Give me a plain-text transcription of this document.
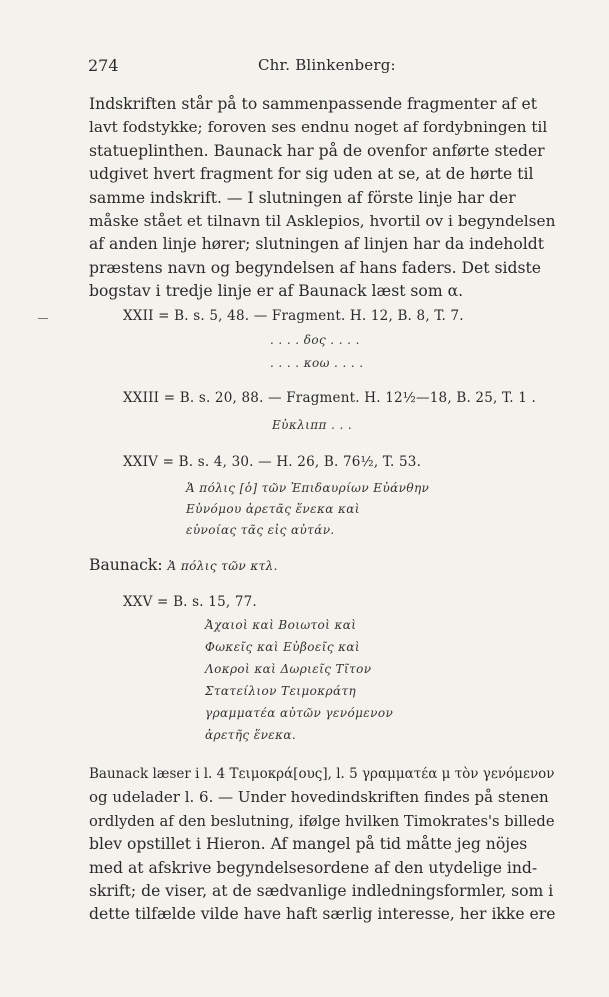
274	Chr. Blinkenberg:
Indskriften står på to sammenpassende fragmenter af et
lavt fodstykke; foroven ses endnu noget af fordybningen til
statueplinthen. Baunack har på de ovenfor anførte steder
udgivet hvert fragment for sig uden at se, at de hørte til
samme indskrift. — I slutningen af förste linje har der
måske stået et tilnavn til Asklepios, hvortil ov i begyndelsen
af anden linje hører; slutningen af linjen har da indeholdt
præstens navn og begyndelsen af hans faders. Det sidste
bogstav i tredje linje er af Baunack læst som α.
XXII = B. s. 5, 48. — Fragment. H. 12, B. 8, T. 7.
. . . . δος . . . .
. . . . κοω . . . .
XXIII = B. s. 20, 88. — Fragment. H. 12½—18, B. 25, T. 1 .
Εὐκλιππ . . .
XXIV = B. s. 4, 30. — H. 26, B. 76½, T. 53.
Ἁ πόλις [ὁ] τῶν Ἐπιδαυρίων Εὐάνθην
Εὐνόμου ἀρετᾶς ἕνεκα καὶ
εὐνοίας τᾶς εἰς αὐτάν.
Baunack: Ἁ πόλις τῶν κτλ.
XXV = B. s. 15, 77.
Ἀχαιοὶ καὶ Βοιωτοὶ καὶ
Φωκεῖς καὶ Εὐβοεῖς καὶ
Λοκροὶ καὶ Δωριεῖς Τῖτον
Στατείλιον Τειμοκράτη
γραμματέα αὐτῶν γενόμενον
ἀρετῆς ἕνεκα.
Baunack læser i l. 4 Τειμοκρά[ους], l. 5 γραμματέα μ τὸν γενόμενον
og udelader l. 6. — Under hovedindskriften findes på stenen
ordlyden af den beslutning, ifølge hvilken Timokrates's billede
blev opstillet i Hieron. Af mangel på tid måtte jeg nöjes
med at afskrive begyndelsesordene af den utydelige ind-
skrift; de viser, at de sædvanlige indledningsformler, som i
dette tilfælde vilde have haft særlig interesse, her ikke ere
